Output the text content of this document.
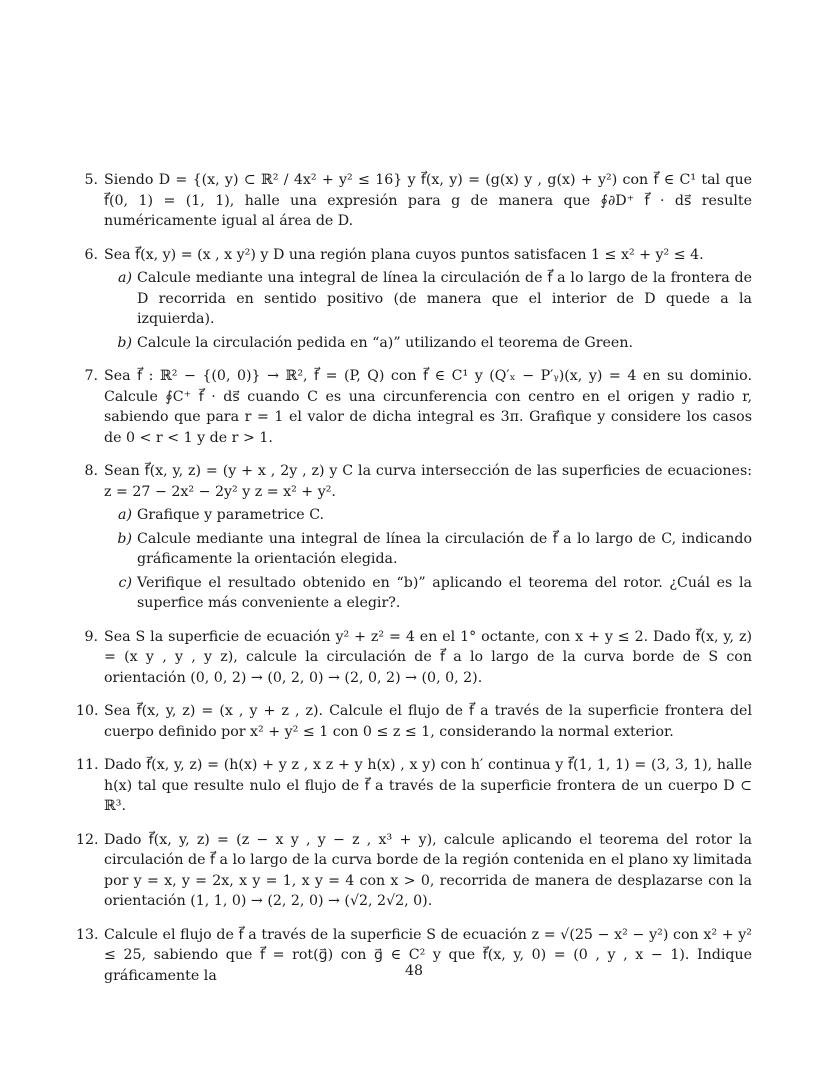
5. Siendo D = {(x, y) ⊂ ℝ² / 4x² + y² ≤ 16} y f⃗(x, y) = (g(x) y , g(x) + y²) con f⃗ ∈ C¹ tal que f⃗(0, 1) = (1, 1), halle una expresión para g de manera que ∮∂D⁺ f⃗ · ds⃗ resulte numéricamente igual al área de D.

6. Sea f⃗(x, y) = (x , x y²) y D una región plana cuyos puntos satisfacen 1 ≤ x² + y² ≤ 4.

a) Calcule mediante una integral de línea la circulación de f⃗ a lo largo de la frontera de D recorrida en sentido positivo (de manera que el interior de D quede a la izquierda).

b) Calcule la circulación pedida en “a)” utilizando el teorema de Green.

7. Sea f⃗ : ℝ² − {(0, 0)} → ℝ², f⃗ = (P, Q) con f⃗ ∈ C¹ y (Q′ₓ − P′ᵧ)(x, y) = 4 en su dominio. Calcule ∮C⁺ f⃗ · ds⃗ cuando C es una circunferencia con centro en el origen y radio r, sabiendo que para r = 1 el valor de dicha integral es 3π. Grafique y considere los casos de 0 < r < 1 y de r > 1.

8. Sean f⃗(x, y, z) = (y + x , 2y , z) y C la curva intersección de las superficies de ecuaciones: z = 27 − 2x² − 2y² y z = x² + y².

a) Grafique y parametrice C.

b) Calcule mediante una integral de línea la circulación de f⃗ a lo largo de C, indicando gráficamente la orientación elegida.

c) Verifique el resultado obtenido en “b)” aplicando el teorema del rotor. ¿Cuál es la superfice más conveniente a elegir?.

9. Sea S la superficie de ecuación y² + z² = 4 en el 1° octante, con x + y ≤ 2. Dado f⃗(x, y, z) = (x y , y , y z), calcule la circulación de f⃗ a lo largo de la curva borde de S con orientación (0, 0, 2) → (0, 2, 0) → (2, 0, 2) → (0, 0, 2).

10. Sea f⃗(x, y, z) = (x , y + z , z). Calcule el flujo de f⃗ a través de la superficie frontera del cuerpo definido por x² + y² ≤ 1 con 0 ≤ z ≤ 1, considerando la normal exterior.

11. Dado f⃗(x, y, z) = (h(x) + y z , x z + y h(x) , x y) con h′ continua y f⃗(1, 1, 1) = (3, 3, 1), halle h(x) tal que resulte nulo el flujo de f⃗ a través de la superficie frontera de un cuerpo D ⊂ ℝ³.

12. Dado f⃗(x, y, z) = (z − x y , y − z , x³ + y), calcule aplicando el teorema del rotor la circulación de f⃗ a lo largo de la curva borde de la región contenida en el plano xy limitada por y = x, y = 2x, x y = 1, x y = 4 con x > 0, recorrida de manera de desplazarse con la orientación (1, 1, 0) → (2, 2, 0) → (√2, 2√2, 0).

13. Calcule el flujo de f⃗ a través de la superficie S de ecuación z = √(25 − x² − y²) con x² + y² ≤ 25, sabiendo que f⃗ = rot(g⃗) con g⃗ ∈ C² y que f⃗(x, y, 0) = (0 , y , x − 1). Indique gráficamente la	48
